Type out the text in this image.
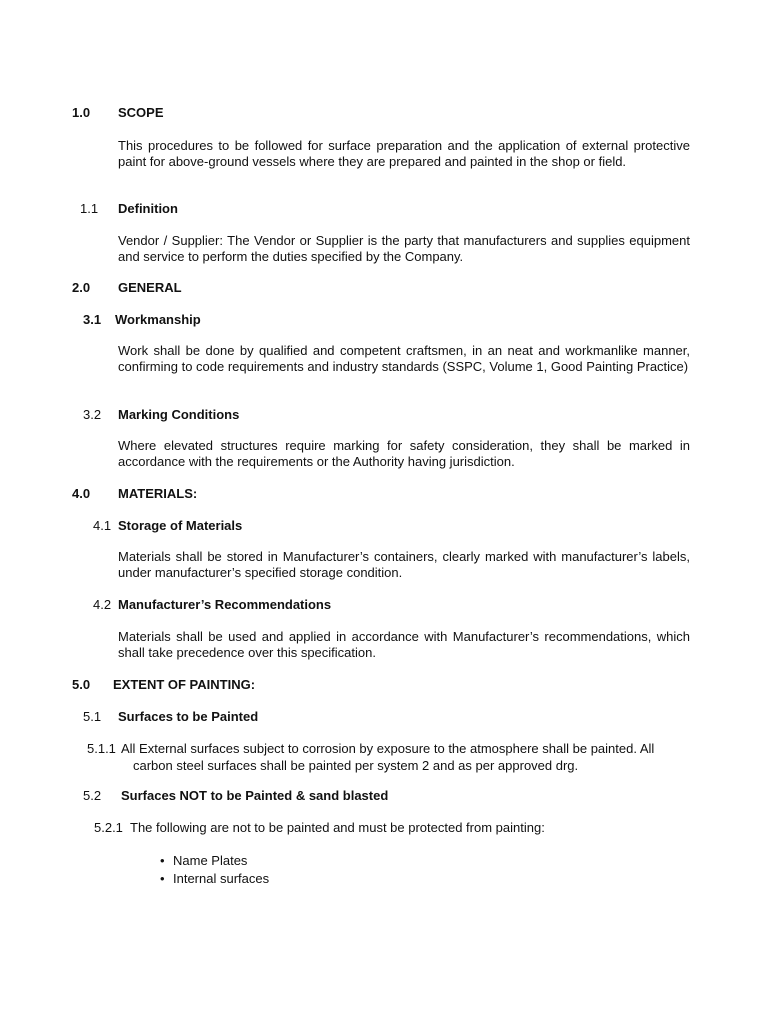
1.0 SCOPE
This procedures to be followed for surface preparation and the application of external protective paint for above-ground vessels where they are prepared and painted in the shop or field.
1.1 Definition
Vendor / Supplier: The Vendor or Supplier is the party that manufacturers and supplies equipment and service to perform the duties specified by the Company.
2.0 GENERAL
3.1 Workmanship
Work shall be done by qualified and competent craftsmen, in an neat and workmanlike manner, confirming to code requirements and industry standards (SSPC, Volume 1, Good Painting Practice)
3.2 Marking Conditions
Where elevated structures require marking for safety consideration, they shall be marked in accordance with the requirements or the Authority having jurisdiction.
4.0 MATERIALS:
4.1 Storage of Materials
Materials shall be stored in Manufacturer’s containers, clearly marked with manufacturer’s labels, under manufacturer’s specified storage condition.
4.2 Manufacturer’s Recommendations
Materials shall be used and applied in accordance with Manufacturer’s recommendations, which shall take precedence over this specification.
5.0 EXTENT OF PAINTING:
5.1 Surfaces to be Painted
5.1.1 All External surfaces subject to corrosion by exposure to the atmosphere shall be painted. All
carbon steel surfaces shall be painted per system 2 and as per approved drg.
5.2 Surfaces NOT to be Painted & sand blasted
5.2.1 The following are not to be painted and must be protected from painting:
• Name Plates
• Internal surfaces
